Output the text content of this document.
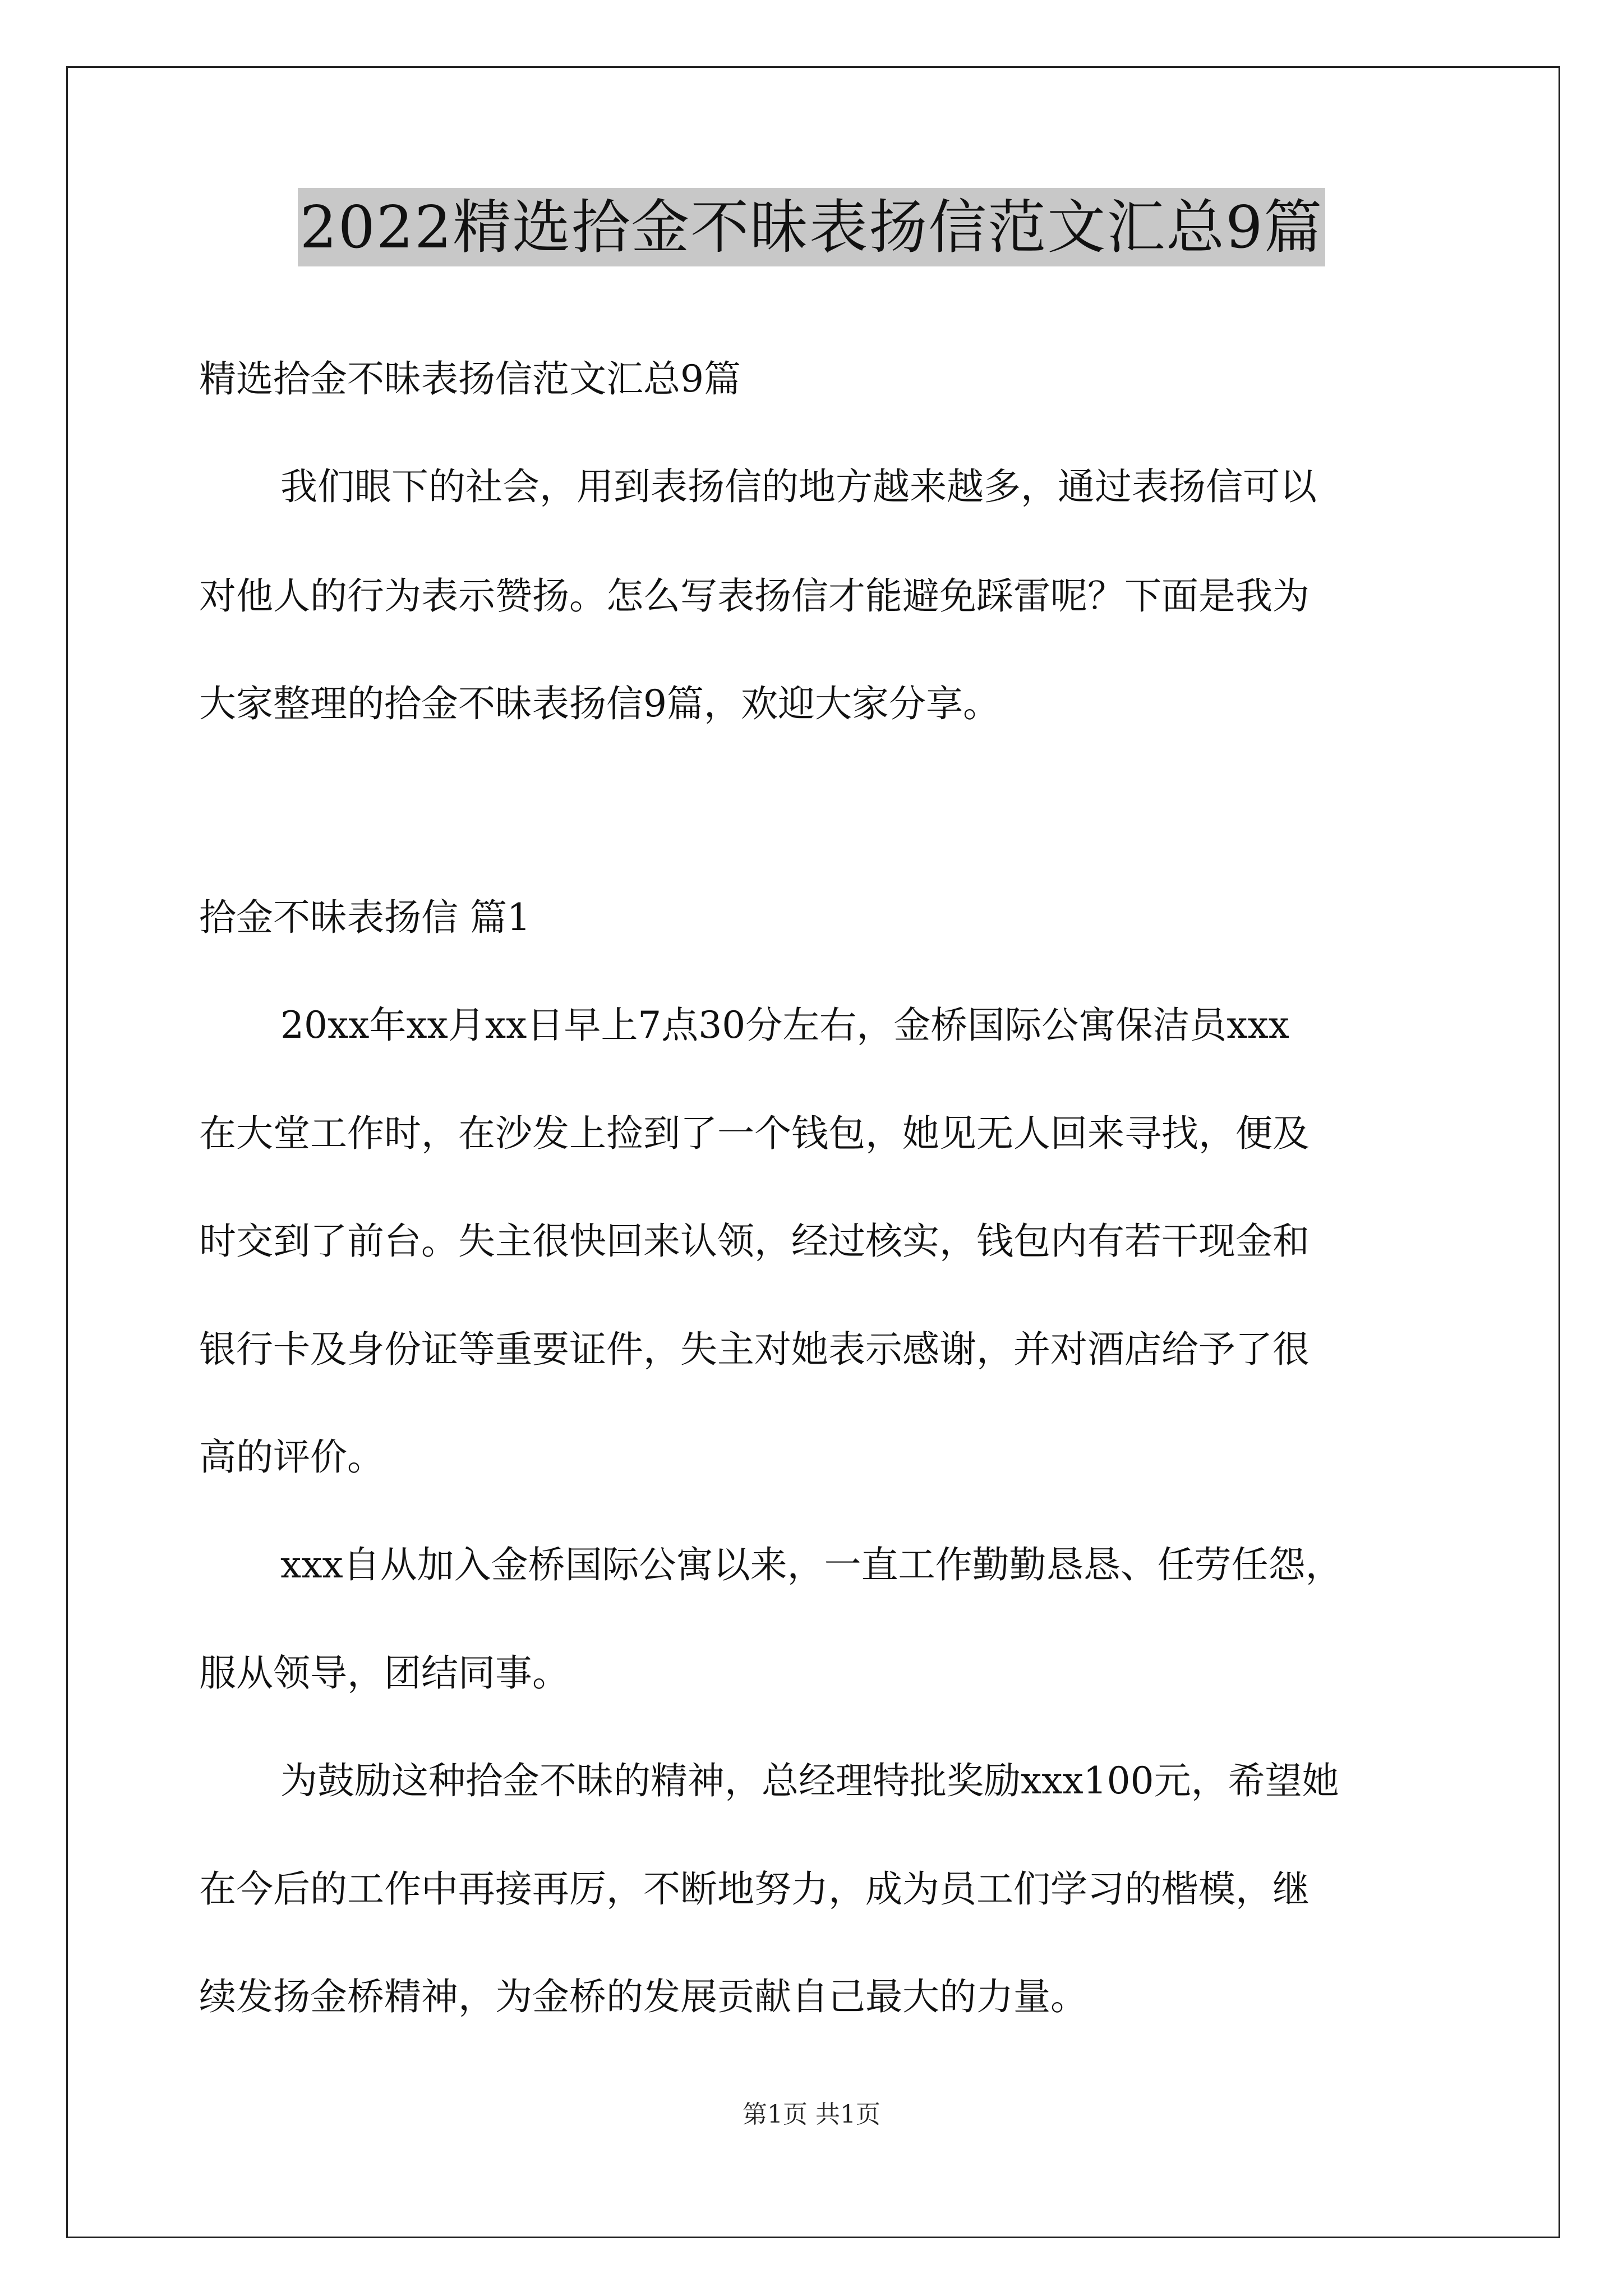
2022精选拾金不昧表扬信范文汇总9篇
精选拾金不昧表扬信范文汇总9篇
我们眼下的社会，用到表扬信的地方越来越多，通过表扬信可以
对他人的行为表示赞扬。怎么写表扬信才能避免踩雷呢？下面是我为
大家整理的拾金不昧表扬信9篇，欢迎大家分享。
拾金不昧表扬信 篇1
20xx年xx月xx日早上7点30分左右，金桥国际公寓保洁员xxx
在大堂工作时，在沙发上捡到了一个钱包，她见无人回来寻找，便及
时交到了前台。失主很快回来认领，经过核实，钱包内有若干现金和
银行卡及身份证等重要证件，失主对她表示感谢，并对酒店给予了很
高的评价。
xxx自从加入金桥国际公寓以来，一直工作勤勤恳恳、任劳任怨，
服从领导，团结同事。
为鼓励这种拾金不昧的精神，总经理特批奖励xxx100元，希望她
在今后的工作中再接再厉，不断地努力，成为员工们学习的楷模，继
续发扬金桥精神，为金桥的发展贡献自己最大的力量。
第1页 共1页
